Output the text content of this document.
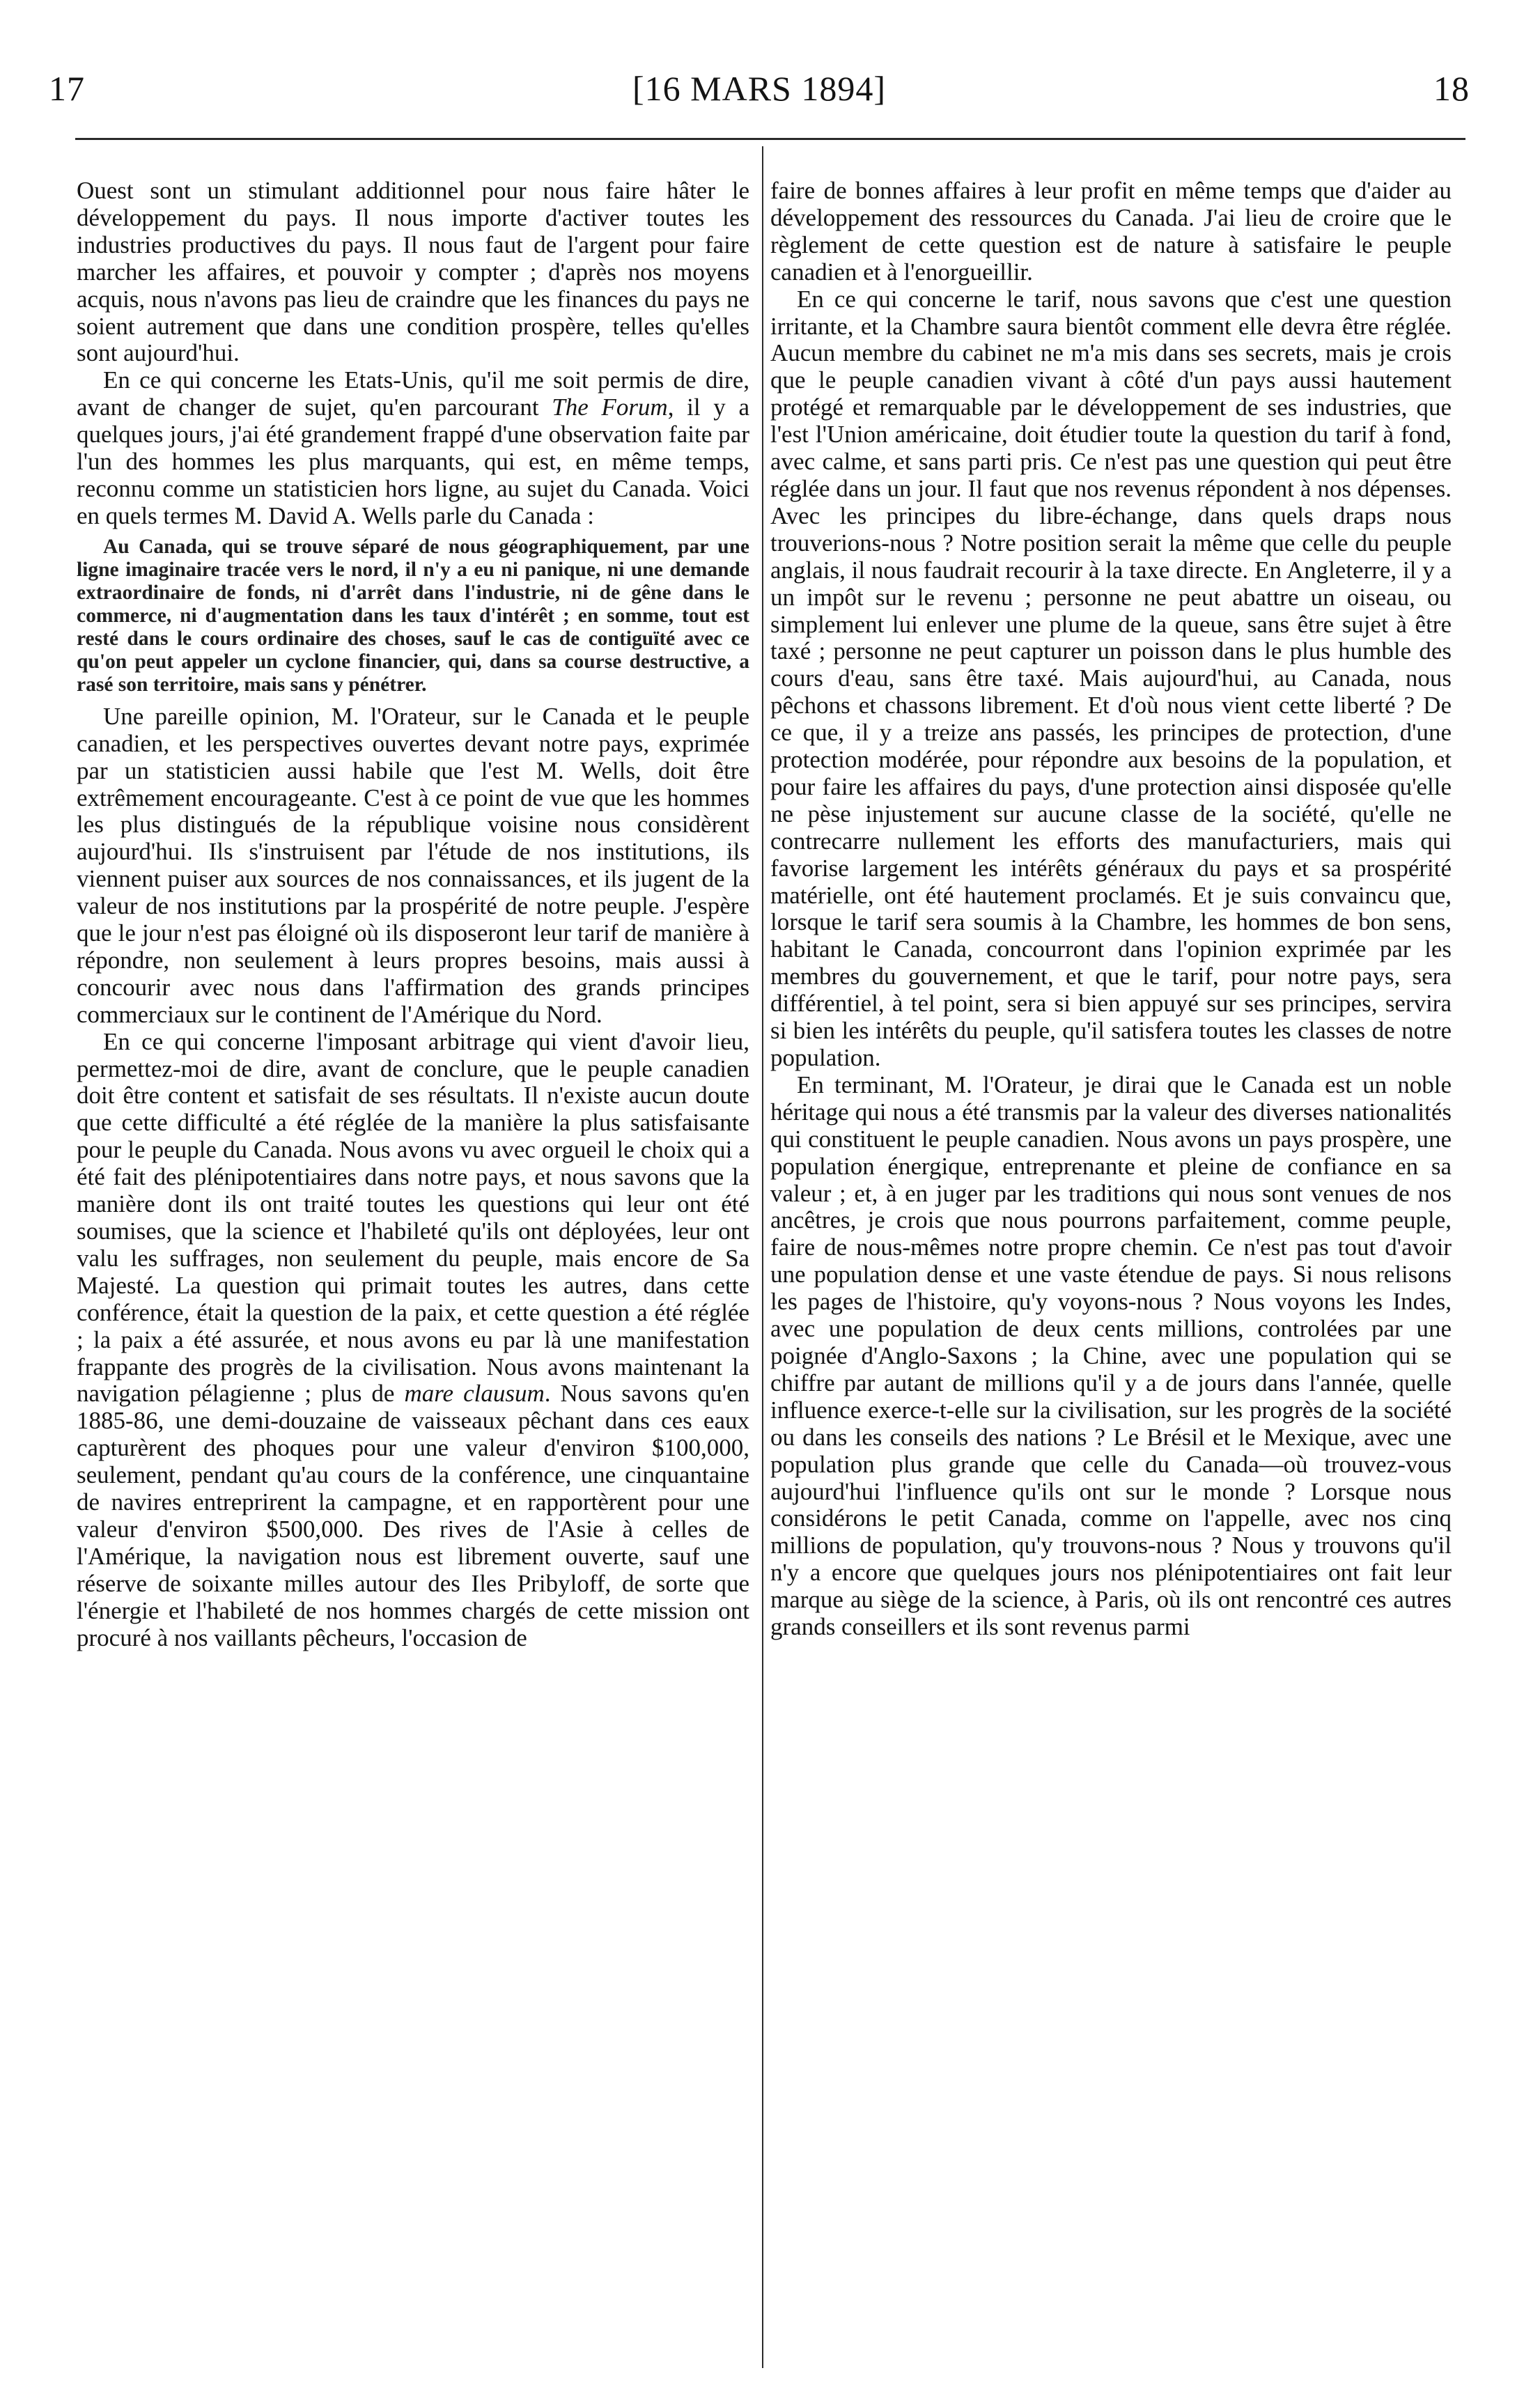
17	[16 MARS 1894]	18

Ouest sont un stimulant additionnel pour nous faire hâter le développement du pays. Il nous importe d'activer toutes les industries productives du pays. Il nous faut de l'argent pour faire marcher les affaires, et pouvoir y compter ; d'après nos moyens acquis, nous n'avons pas lieu de craindre que les finances du pays ne soient autrement que dans une condition prospère, telles qu'elles sont aujourd'hui.

En ce qui concerne les Etats-Unis, qu'il me soit permis de dire, avant de changer de sujet, qu'en parcourant The Forum, il y a quelques jours, j'ai été grandement frappé d'une observation faite par l'un des hommes les plus marquants, qui est, en même temps, reconnu comme un statisticien hors ligne, au sujet du Canada. Voici en quels termes M. David A. Wells parle du Canada :

Au Canada, qui se trouve séparé de nous géographiquement, par une ligne imaginaire tracée vers le nord, il n'y a eu ni panique, ni une demande extraordinaire de fonds, ni d'arrêt dans l'industrie, ni de gêne dans le commerce, ni d'augmentation dans les taux d'intérêt ; en somme, tout est resté dans le cours ordinaire des choses, sauf le cas de contiguïté avec ce qu'on peut appeler un cyclone financier, qui, dans sa course destructive, a rasé son territoire, mais sans y pénétrer.

Une pareille opinion, M. l'Orateur, sur le Canada et le peuple canadien, et les perspectives ouvertes devant notre pays, exprimée par un statisticien aussi habile que l'est M. Wells, doit être extrêmement encourageante. C'est à ce point de vue que les hommes les plus distingués de la république voisine nous considèrent aujourd'hui. Ils s'instruisent par l'étude de nos institutions, ils viennent puiser aux sources de nos connaissances, et ils jugent de la valeur de nos institutions par la prospérité de notre peuple. J'espère que le jour n'est pas éloigné où ils disposeront leur tarif de manière à répondre, non seulement à leurs propres besoins, mais aussi à concourir avec nous dans l'affirmation des grands principes commerciaux sur le continent de l'Amérique du Nord.

En ce qui concerne l'imposant arbitrage qui vient d'avoir lieu, permettez-moi de dire, avant de conclure, que le peuple canadien doit être content et satisfait de ses résultats. Il n'existe aucun doute que cette difficulté a été réglée de la manière la plus satisfaisante pour le peuple du Canada. Nous avons vu avec orgueil le choix qui a été fait des plénipotentiaires dans notre pays, et nous savons que la manière dont ils ont traité toutes les questions qui leur ont été soumises, que la science et l'habileté qu'ils ont déployées, leur ont valu les suffrages, non seulement du peuple, mais encore de Sa Majesté. La question qui primait toutes les autres, dans cette conférence, était la question de la paix, et cette question a été réglée ; la paix a été assurée, et nous avons eu par là une manifestation frappante des progrès de la civilisation. Nous avons maintenant la navigation pélagienne ; plus de mare clausum. Nous savons qu'en 1885-86, une demi-douzaine de vaisseaux pêchant dans ces eaux capturèrent des phoques pour une valeur d'environ $100,000, seulement, pendant qu'au cours de la conférence, une cinquantaine de navires entreprirent la campagne, et en rapportèrent pour une valeur d'environ $500,000. Des rives de l'Asie à celles de l'Amérique, la navigation nous est librement ouverte, sauf une réserve de soixante milles autour des Iles Pribyloff, de sorte que l'énergie et l'habileté de nos hommes chargés de cette mission ont procuré à nos vaillants pêcheurs, l'occasion de

faire de bonnes affaires à leur profit en même temps que d'aider au développement des ressources du Canada. J'ai lieu de croire que le règlement de cette question est de nature à satisfaire le peuple canadien et à l'enorgueillir.

En ce qui concerne le tarif, nous savons que c'est une question irritante, et la Chambre saura bientôt comment elle devra être réglée. Aucun membre du cabinet ne m'a mis dans ses secrets, mais je crois que le peuple canadien vivant à côté d'un pays aussi hautement protégé et remarquable par le développement de ses industries, que l'est l'Union américaine, doit étudier toute la question du tarif à fond, avec calme, et sans parti pris. Ce n'est pas une question qui peut être réglée dans un jour. Il faut que nos revenus répondent à nos dépenses. Avec les principes du libre-échange, dans quels draps nous trouverions-nous ? Notre position serait la même que celle du peuple anglais, il nous faudrait recourir à la taxe directe. En Angleterre, il y a un impôt sur le revenu ; personne ne peut abattre un oiseau, ou simplement lui enlever une plume de la queue, sans être sujet à être taxé ; personne ne peut capturer un poisson dans le plus humble des cours d'eau, sans être taxé. Mais aujourd'hui, au Canada, nous pêchons et chassons librement. Et d'où nous vient cette liberté ? De ce que, il y a treize ans passés, les principes de protection, d'une protection modérée, pour répondre aux besoins de la population, et pour faire les affaires du pays, d'une protection ainsi disposée qu'elle ne pèse injustement sur aucune classe de la société, qu'elle ne contrecarre nullement les efforts des manufacturiers, mais qui favorise largement les intérêts généraux du pays et sa prospérité matérielle, ont été hautement proclamés. Et je suis convaincu que, lorsque le tarif sera soumis à la Chambre, les hommes de bon sens, habitant le Canada, concourront dans l'opinion exprimée par les membres du gouvernement, et que le tarif, pour notre pays, sera différentiel, à tel point, sera si bien appuyé sur ses principes, servira si bien les intérêts du peuple, qu'il satisfera toutes les classes de notre population.

En terminant, M. l'Orateur, je dirai que le Canada est un noble héritage qui nous a été transmis par la valeur des diverses nationalités qui constituent le peuple canadien. Nous avons un pays prospère, une population énergique, entreprenante et pleine de confiance en sa valeur ; et, à en juger par les traditions qui nous sont venues de nos ancêtres, je crois que nous pourrons parfaitement, comme peuple, faire de nous-mêmes notre propre chemin. Ce n'est pas tout d'avoir une population dense et une vaste étendue de pays. Si nous relisons les pages de l'histoire, qu'y voyons-nous ? Nous voyons les Indes, avec une population de deux cents millions, controlées par une poignée d'Anglo-Saxons ; la Chine, avec une population qui se chiffre par autant de millions qu'il y a de jours dans l'année, quelle influence exerce-t-elle sur la civilisation, sur les progrès de la société ou dans les conseils des nations ? Le Brésil et le Mexique, avec une population plus grande que celle du Canada—où trouvez-vous aujourd'hui l'influence qu'ils ont sur le monde ? Lorsque nous considérons le petit Canada, comme on l'appelle, avec nos cinq millions de population, qu'y trouvons-nous ? Nous y trouvons qu'il n'y a encore que quelques jours nos plénipotentiaires ont fait leur marque au siège de la science, à Paris, où ils ont rencontré ces autres grands conseillers et ils sont revenus parmi
